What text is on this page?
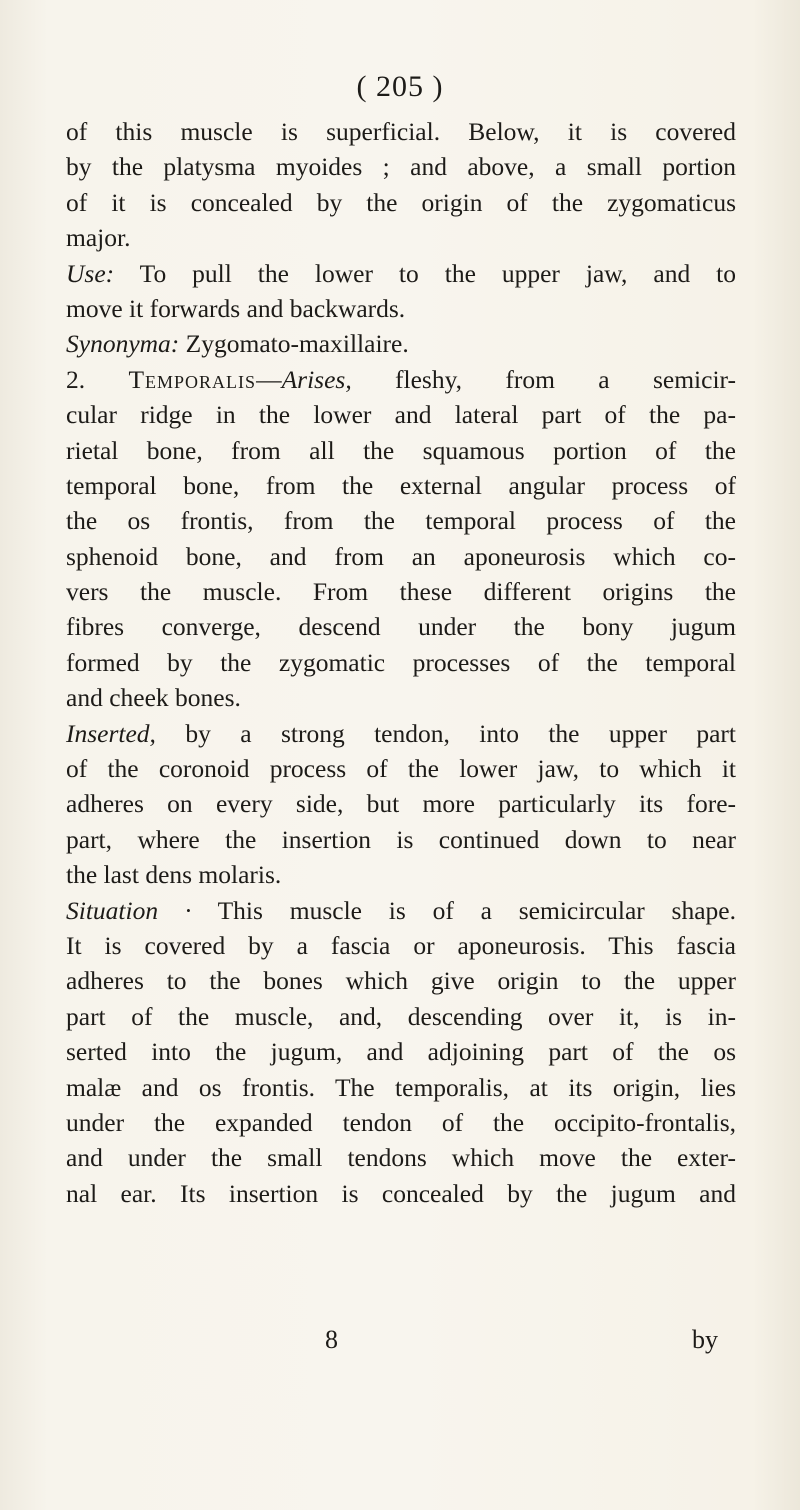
( 205 )
of this muscle is superficial. Below, it is covered
by the platysma myoides ; and above, a small portion
of it is concealed by the origin of the zygomaticus
major.
Use: To pull the lower to the upper jaw, and to
move it forwards and backwards.
Synonyma: Zygomato-maxillaire.
2. Temporalis—Arises, fleshy, from a semicir-
cular ridge in the lower and lateral part of the pa-
rietal bone, from all the squamous portion of the
temporal bone, from the external angular process of
the os frontis, from the temporal process of the
sphenoid bone, and from an aponeurosis which co-
vers the muscle. From these different origins the
fibres converge, descend under the bony jugum
formed by the zygomatic processes of the temporal
and cheek bones.
Inserted, by a strong tendon, into the upper part
of the coronoid process of the lower jaw, to which it
adheres on every side, but more particularly its fore-
part, where the insertion is continued down to near
the last dens molaris.
Situation · This muscle is of a semicircular shape.
It is covered by a fascia or aponeurosis. This fascia
adheres to the bones which give origin to the upper
part of the muscle, and, descending over it, is in-
serted into the jugum, and adjoining part of the os
malæ and os frontis. The temporalis, at its origin, lies
under the expanded tendon of the occipito-frontalis,
and under the small tendons which move the exter-
nal ear. Its insertion is concealed by the jugum and
8	by
